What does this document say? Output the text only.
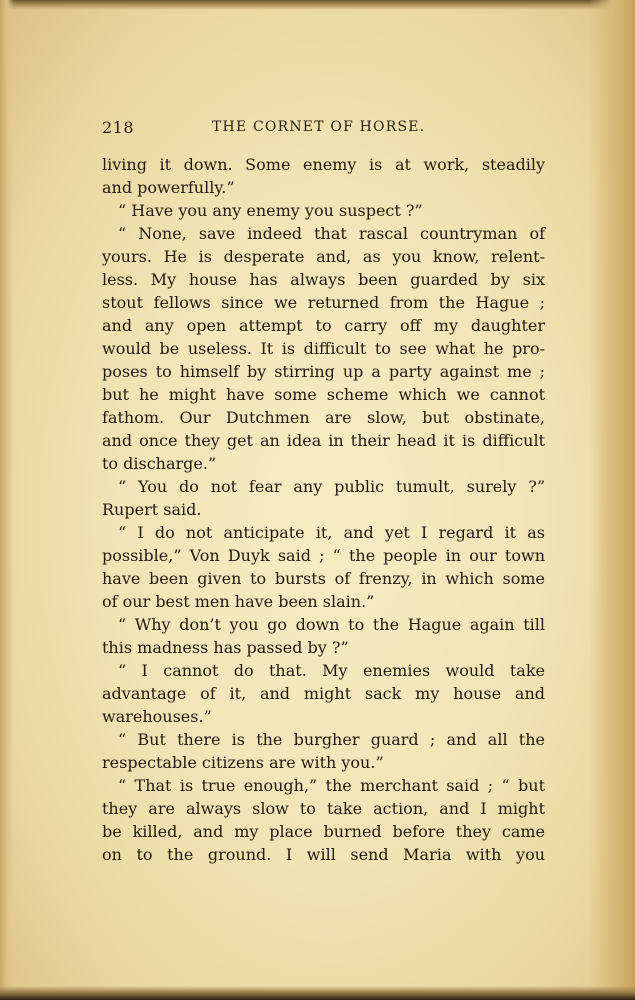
218	THE CORNET OF HORSE.
living it down. Some enemy is at work, steadily
and powerfully.”
“ Have you any enemy you suspect ?”
“ None, save indeed that rascal countryman of
yours. He is desperate and, as you know, relent-
less. My house has always been guarded by six
stout fellows since we returned from the Hague ;
and any open attempt to carry off my daughter
would be useless. It is difficult to see what he pro-
poses to himself by stirring up a party against me ;
but he might have some scheme which we cannot
fathom. Our Dutchmen are slow, but obstinate,
and once they get an idea in their head it is difficult
to discharge.”
“ You do not fear any public tumult, surely ?”
Rupert said.
“ I do not anticipate it, and yet I regard it as
possible,” Von Duyk said ; “ the people in our town
have been given to bursts of frenzy, in which some
of our best men have been slain.”
“ Why don’t you go down to the Hague again till
this madness has passed by ?”
“ I cannot do that. My enemies would take
advantage of it, and might sack my house and
warehouses.”
“ But there is the burgher guard ; and all the
respectable citizens are with you.”
“ That is true enough,” the merchant said ; “ but
they are always slow to take action, and I might
be killed, and my place burned before they came
on to the ground. I will send Maria with you
